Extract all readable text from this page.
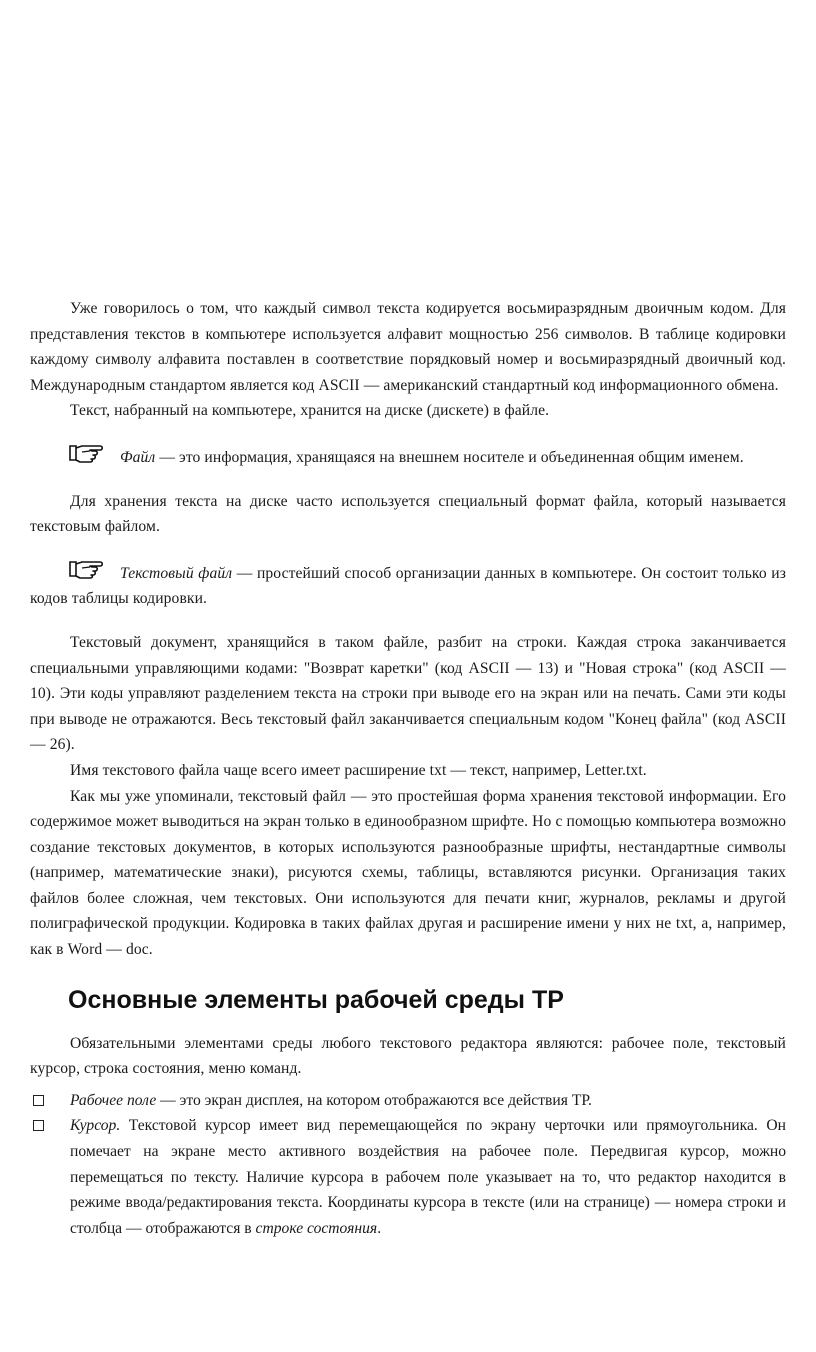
Уже говорилось о том, что каждый символ текста кодируется восьмиразрядным двоичным кодом. Для представления текстов в компьютере используется алфавит мощностью 256 символов. В таблице кодировки каждому символу алфавита поставлен в соответствие порядковый номер и восьмиразрядный двоичный код. Международным стандартом является код ASCII — американский стандартный код информационного обмена.

Текст, набранный на компьютере, хранится на диске (дискете) в файле.

Файл — это информация, хранящаяся на внешнем носителе и объединенная общим именем.

Для хранения текста на диске часто используется специальный формат файла, который называется текстовым файлом.

Текстовый файл — простейший способ организации данных в компьютере. Он состоит только из кодов таблицы кодировки.

Текстовый документ, хранящийся в таком файле, разбит на строки. Каждая строка заканчивается специальными управляющими кодами: "Возврат каретки" (код ASCII — 13) и "Новая строка" (код ASCII — 10). Эти коды управляют разделением текста на строки при выводе его на экран или на печать. Сами эти коды при выводе не отражаются. Весь текстовый файл заканчивается специальным кодом "Конец файла" (код ASCII — 26).

Имя текстового файла чаще всего имеет расширение txt — текст, например, Letter.txt.

Как мы уже упоминали, текстовый файл — это простейшая форма хранения текстовой информации. Его содержимое может выводиться на экран только в единообразном шрифте. Но с помощью компьютера возможно создание текстовых документов, в которых используются разнообразные шрифты, нестандартные символы (например, математические знаки), рисуются схемы, таблицы, вставляются рисунки. Организация таких файлов более сложная, чем текстовых. Они используются для печати книг, журналов, рекламы и другой полиграфической продукции. Кодировка в таких файлах другая и расширение имени у них не txt, а, например, как в Word — doc.

Основные элементы рабочей среды ТР

Обязательными элементами среды любого текстового редактора являются: рабочее поле, текстовый курсор, строка состояния, меню команд.

Рабочее поле — это экран дисплея, на котором отображаются все действия ТР.
Курсор. Текстовой курсор имеет вид перемещающейся по экрану черточки или прямоугольника. Он помечает на экране место активного воздействия на рабочее поле. Передвигая курсор, можно перемещаться по тексту. Наличие курсора в рабочем поле указывает на то, что редактор находится в режиме ввода/редактирования текста. Координаты курсора в тексте (или на странице) — номера строки и столбца — отображаются в строке состояния.
